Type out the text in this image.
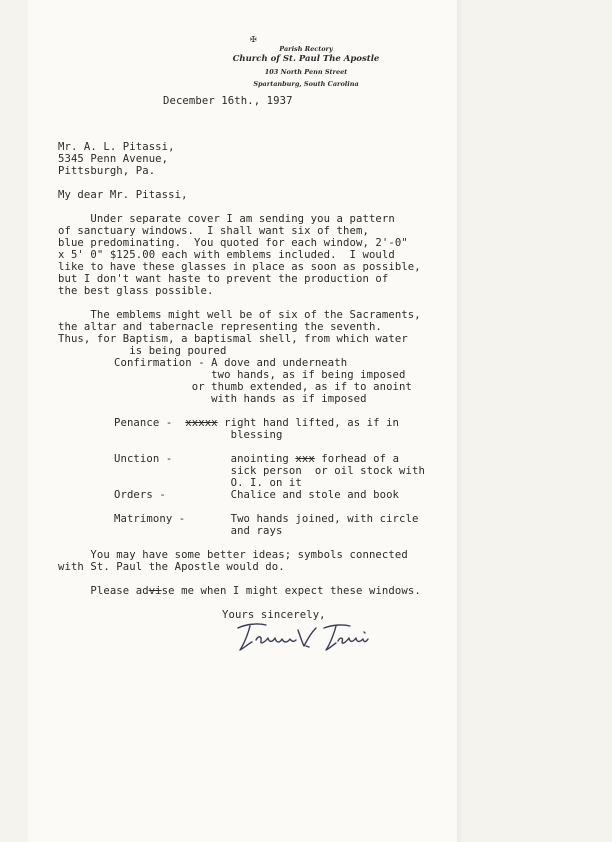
✠
Parish Rectory
Church of St. Paul The Apostle
103 North Penn Street
Spartanburg, South Carolina
December 16th., 1937
Mr. A. L. Pitassi,
5345 Penn Avenue,
Pittsburgh, Pa.
My dear Mr. Pitassi,
Under separate cover I am sending you a pattern
of sanctuary windows.  I shall want six of them,
blue predominating.  You quoted for each window, 2'-0"
x 5' 0" $125.00 each with emblems included.  I would
like to have these glasses in place as soon as possible,
but I don't want haste to prevent the production of
the best glass possible.
The emblems might well be of six of the Sacraments,
the altar and tabernacle representing the seventh.
Thus, for Baptism, a baptismal shell, from which water
is being poured
Confirmation - A dove and underneath
two hands, as if being imposed
or thumb extended, as if to anoint
with hands as if imposed
Penance -  xxxxx right hand lifted, as if in
blessing
Unction -         anointing xxx forhead of a
sick person  or oil stock with
O. I. on it
Orders -          Chalice and stole and book
Matrimony -       Two hands joined, with circle
and rays
You may have some better ideas; symbols connected
with St. Paul the Apostle would do.
Please advise me when I might expect these windows.
Yours sincerely,
